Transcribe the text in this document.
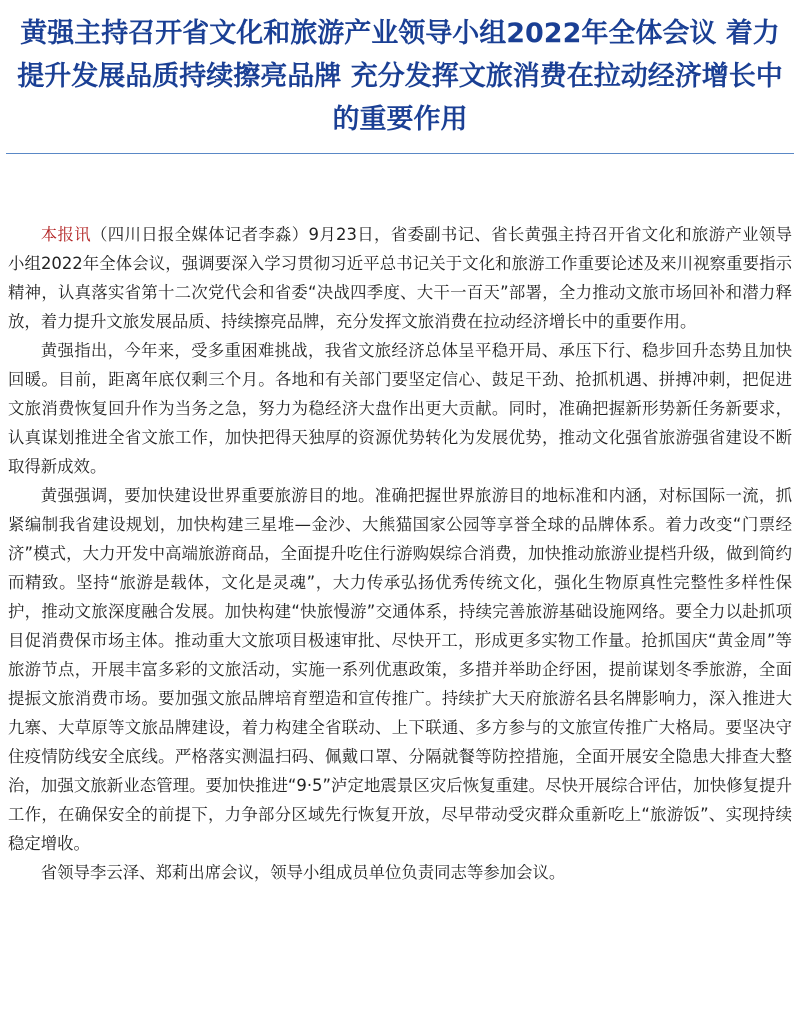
黄强主持召开省文化和旅游产业领导小组2022年全体会议 着力提升发展品质持续擦亮品牌 充分发挥文旅消费在拉动经济增长中的重要作用

本报讯（四川日报全媒体记者李淼）9月23日，省委副书记、省长黄强主持召开省文化和旅游产业领导小组2022年全体会议，强调要深入学习贯彻习近平总书记关于文化和旅游工作重要论述及来川视察重要指示精神，认真落实省第十二次党代会和省委“决战四季度、大干一百天”部署，全力推动文旅市场回补和潜力释放，着力提升文旅发展品质、持续擦亮品牌，充分发挥文旅消费在拉动经济增长中的重要作用。

黄强指出，今年来，受多重困难挑战，我省文旅经济总体呈平稳开局、承压下行、稳步回升态势且加快回暖。目前，距离年底仅剩三个月。各地和有关部门要坚定信心、鼓足干劲、抢抓机遇、拼搏冲刺，把促进文旅消费恢复回升作为当务之急，努力为稳经济大盘作出更大贡献。同时，准确把握新形势新任务新要求，认真谋划推进全省文旅工作，加快把得天独厚的资源优势转化为发展优势，推动文化强省旅游强省建设不断取得新成效。

黄强强调，要加快建设世界重要旅游目的地。准确把握世界旅游目的地标准和内涵，对标国际一流，抓紧编制我省建设规划，加快构建三星堆—金沙、大熊猫国家公园等享誉全球的品牌体系。着力改变“门票经济”模式，大力开发中高端旅游商品，全面提升吃住行游购娱综合消费，加快推动旅游业提档升级，做到简约而精致。坚持“旅游是载体，文化是灵魂”，大力传承弘扬优秀传统文化，强化生物原真性完整性多样性保护，推动文旅深度融合发展。加快构建“快旅慢游”交通体系，持续完善旅游基础设施网络。要全力以赴抓项目促消费保市场主体。推动重大文旅项目极速审批、尽快开工，形成更多实物工作量。抢抓国庆“黄金周”等旅游节点，开展丰富多彩的文旅活动，实施一系列优惠政策，多措并举助企纾困，提前谋划冬季旅游，全面提振文旅消费市场。要加强文旅品牌培育塑造和宣传推广。持续扩大天府旅游名县名牌影响力，深入推进大九寨、大草原等文旅品牌建设，着力构建全省联动、上下联通、多方参与的文旅宣传推广大格局。要坚决守住疫情防线安全底线。严格落实测温扫码、佩戴口罩、分隔就餐等防控措施，全面开展安全隐患大排查大整治，加强文旅新业态管理。要加快推进“9·5”泸定地震景区灾后恢复重建。尽快开展综合评估，加快修复提升工作，在确保安全的前提下，力争部分区域先行恢复开放，尽早带动受灾群众重新吃上“旅游饭”、实现持续稳定增收。

省领导李云泽、郑莉出席会议，领导小组成员单位负责同志等参加会议。
